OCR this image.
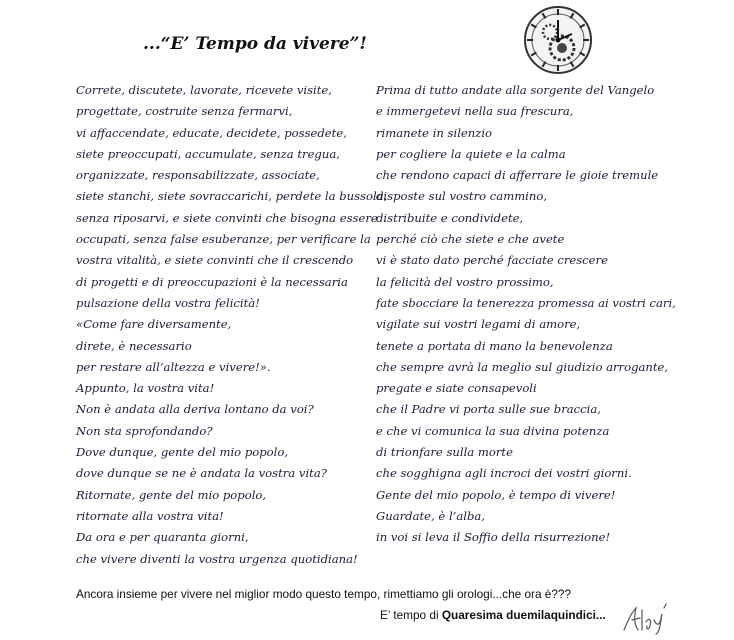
...“E’ Tempo da vivere”!
Correte, discutete, lavorate, ricevete visite,
progettate, costruite senza fermarvi,
vi affaccendate, educate, decidete, possedete,
siete preoccupati, accumulate, senza tregua,
organizzate, responsabilizzate, associate,
siete stanchi, siete sovraccarichi, perdete la bussola,
senza riposarvi, e siete convinti che bisogna essere
occupati, senza false esuberanze, per verificare la
vostra vitalità, e siete convinti che il crescendo
di progetti e di preoccupazioni è la necessaria
pulsazione della vostra felicità!
«Come fare diversamente,
direte, è necessario
per restare all’altezza e vivere!».
Appunto, la vostra vita!
Non è andata alla deriva lontano da voi?
Non sta sprofondando?
Dove dunque, gente del mio popolo,
dove dunque se ne è andata la vostra vita?
Ritornate, gente del mio popolo,
ritornate alla vostra vita!
Da ora e per quaranta giorni,
che vivere diventi la vostra urgenza quotidiana!
Prima di tutto andate alla sorgente del Vangelo
e immergetevi nella sua frescura,
rimanete in silenzio
per cogliere la quiete e la calma
che rendono capaci di afferrare le gioie tremule
disposte sul vostro cammino,
distribuite e condividete,
perché ciò che siete e che avete
vi è stato dato perché facciate crescere
la felicità del vostro prossimo,
fate sbocciare la tenerezza promessa ai vostri cari,
vigilate sui vostri legami di amore,
tenete a portata di mano la benevolenza
che sempre avrà la meglio sul giudizio arrogante,
pregate e siate consapevoli
che il Padre vi porta sulle sue braccia,
e che vi comunica la sua divina potenza
di trionfare sulla morte
che sogghigna agli incroci dei vostri giorni.
Gente del mio popolo, è tempo di vivere!
Guardate, è l’alba,
in voi si leva il Soffio della risurrezione!
Ancora insieme per vivere nel miglior modo questo tempo, rimettiamo gli orologi...che ora è???
E’ tempo di Quaresima duemilaquindici...
